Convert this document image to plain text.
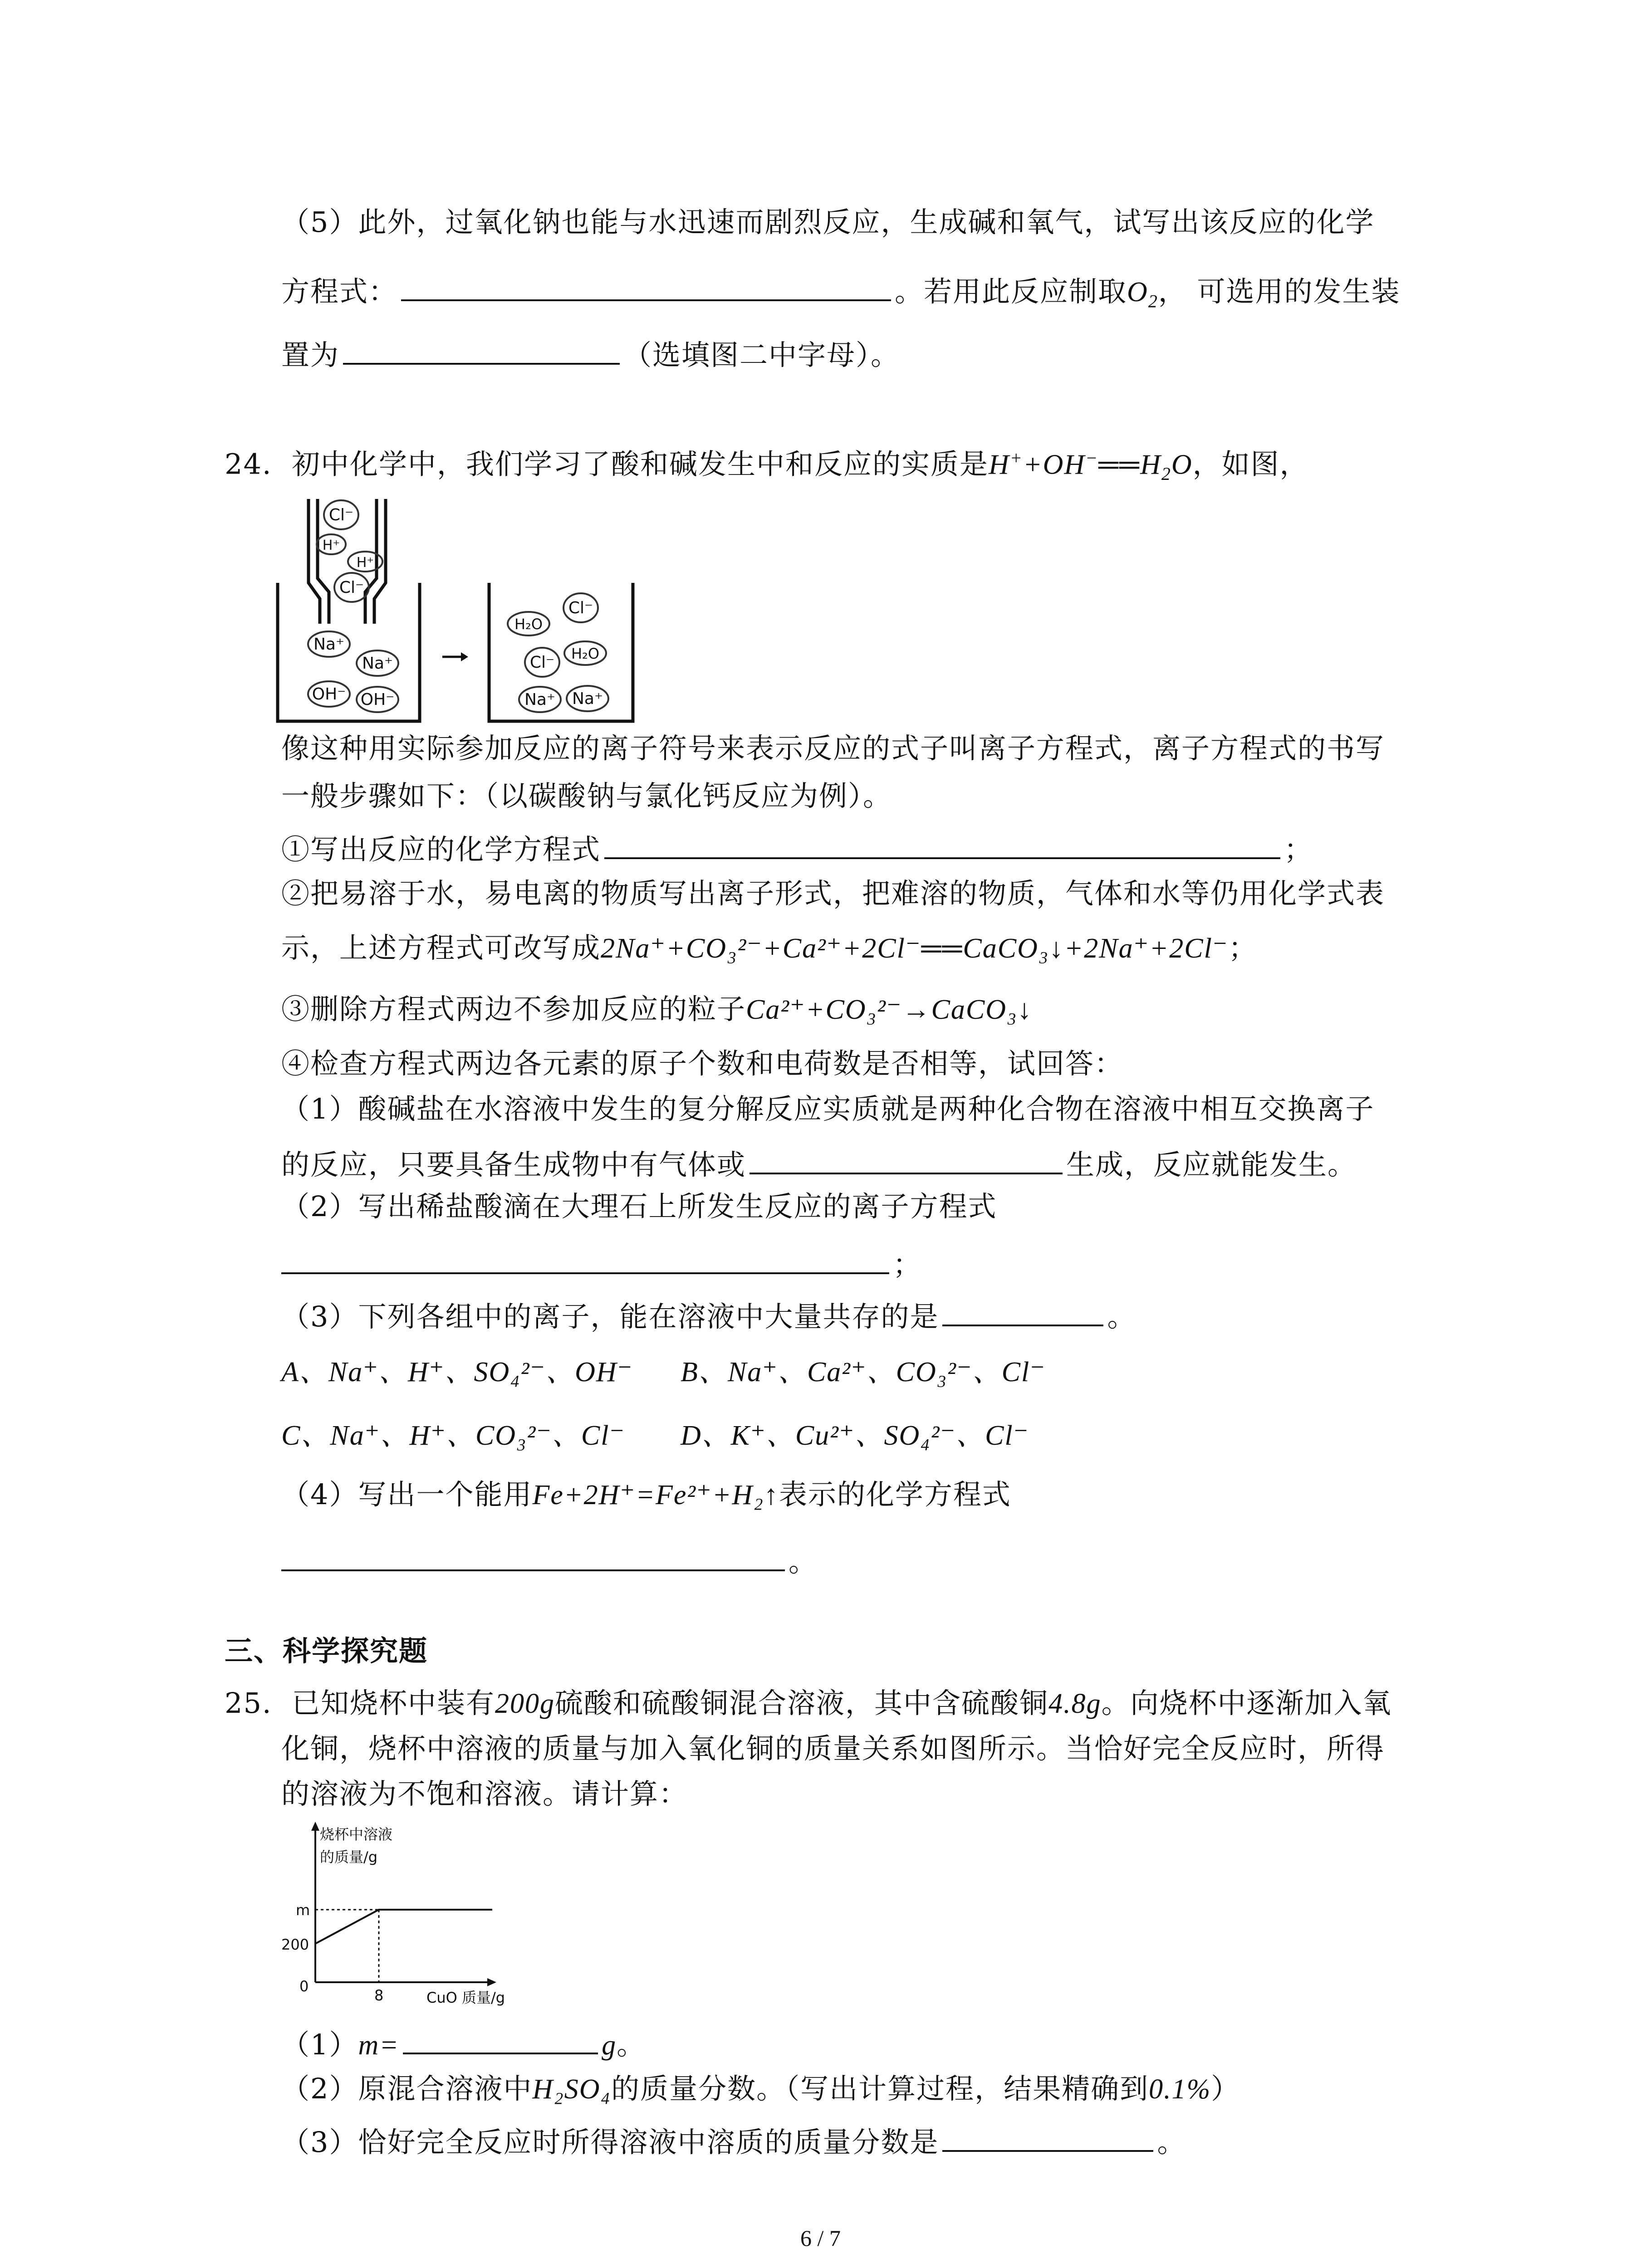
（5）此外，过氧化钠也能与水迅速而剧烈反应，生成碱和氧气，试写出该反应的化学
方程式：	。若用此反应制取$O_2$， 可选用的发生装
置为	（选填图二中字母）。
24. 初中化学中，我们学习了酸和碱发生中和反应的实质是$H^++OH^-══H_2O$，如图，
Cl⁻
H⁺
H⁺
Cl⁻
Na⁺
Na⁺
OH⁻ OH⁻
H₂O
Cl⁻
Cl⁻ H₂O
Na⁺ Na⁺
像这种用实际参加反应的离子符号来表示反应的式子叫离子方程式，离子方程式的书写
一般步骤如下：（以碳酸钠与氯化钙反应为例）。
①写出反应的化学方程式	；
②把易溶于水，易电离的物质写出离子形式，把难溶的物质，气体和水等仍用化学式表
示，上述方程式可改写成2Na⁺+CO₃²⁻+Ca²⁺+2Cl⁻══CaCO₃↓+2Na⁺+2Cl⁻；
③删除方程式两边不参加反应的粒子Ca²⁺+CO₃²⁻→CaCO₃↓
④检查方程式两边各元素的原子个数和电荷数是否相等，试回答：
（1）酸碱盐在水溶液中发生的复分解反应实质就是两种化合物在溶液中相互交换离子
的反应，只要具备生成物中有气体或	生成，反应就能发生。
（2）写出稀盐酸滴在大理石上所发生反应的离子方程式
；
（3）下列各组中的离子，能在溶液中大量共存的是	。
A、Na⁺、H⁺、SO₄²⁻、OH⁻ B、Na⁺、Ca²⁺、CO₃²⁻、Cl⁻
C、Na⁺、H⁺、CO₃²⁻、Cl⁻ D、K⁺、Cu²⁺、SO₄²⁻、Cl⁻
（4）写出一个能用Fe+2H⁺=Fe²⁺+H₂↑表示的化学方程式
。
三、科学探究题
25. 已知烧杯中装有200g硫酸和硫酸铜混合溶液，其中含硫酸铜4.8g。向烧杯中逐渐加入氧
化铜，烧杯中溶液的质量与加入氧化铜的质量关系如图所示。当恰好完全反应时，所得
的溶液为不饱和溶液。请计算：
烧杯中溶液
的质量/g
m
200
0
8	CuO 质量/g
（1）m=	g。
（2）原混合溶液中H₂SO₄的质量分数。（写出计算过程，结果精确到0.1%）
（3）恰好完全反应时所得溶液中溶质的质量分数是	。
6 / 7
